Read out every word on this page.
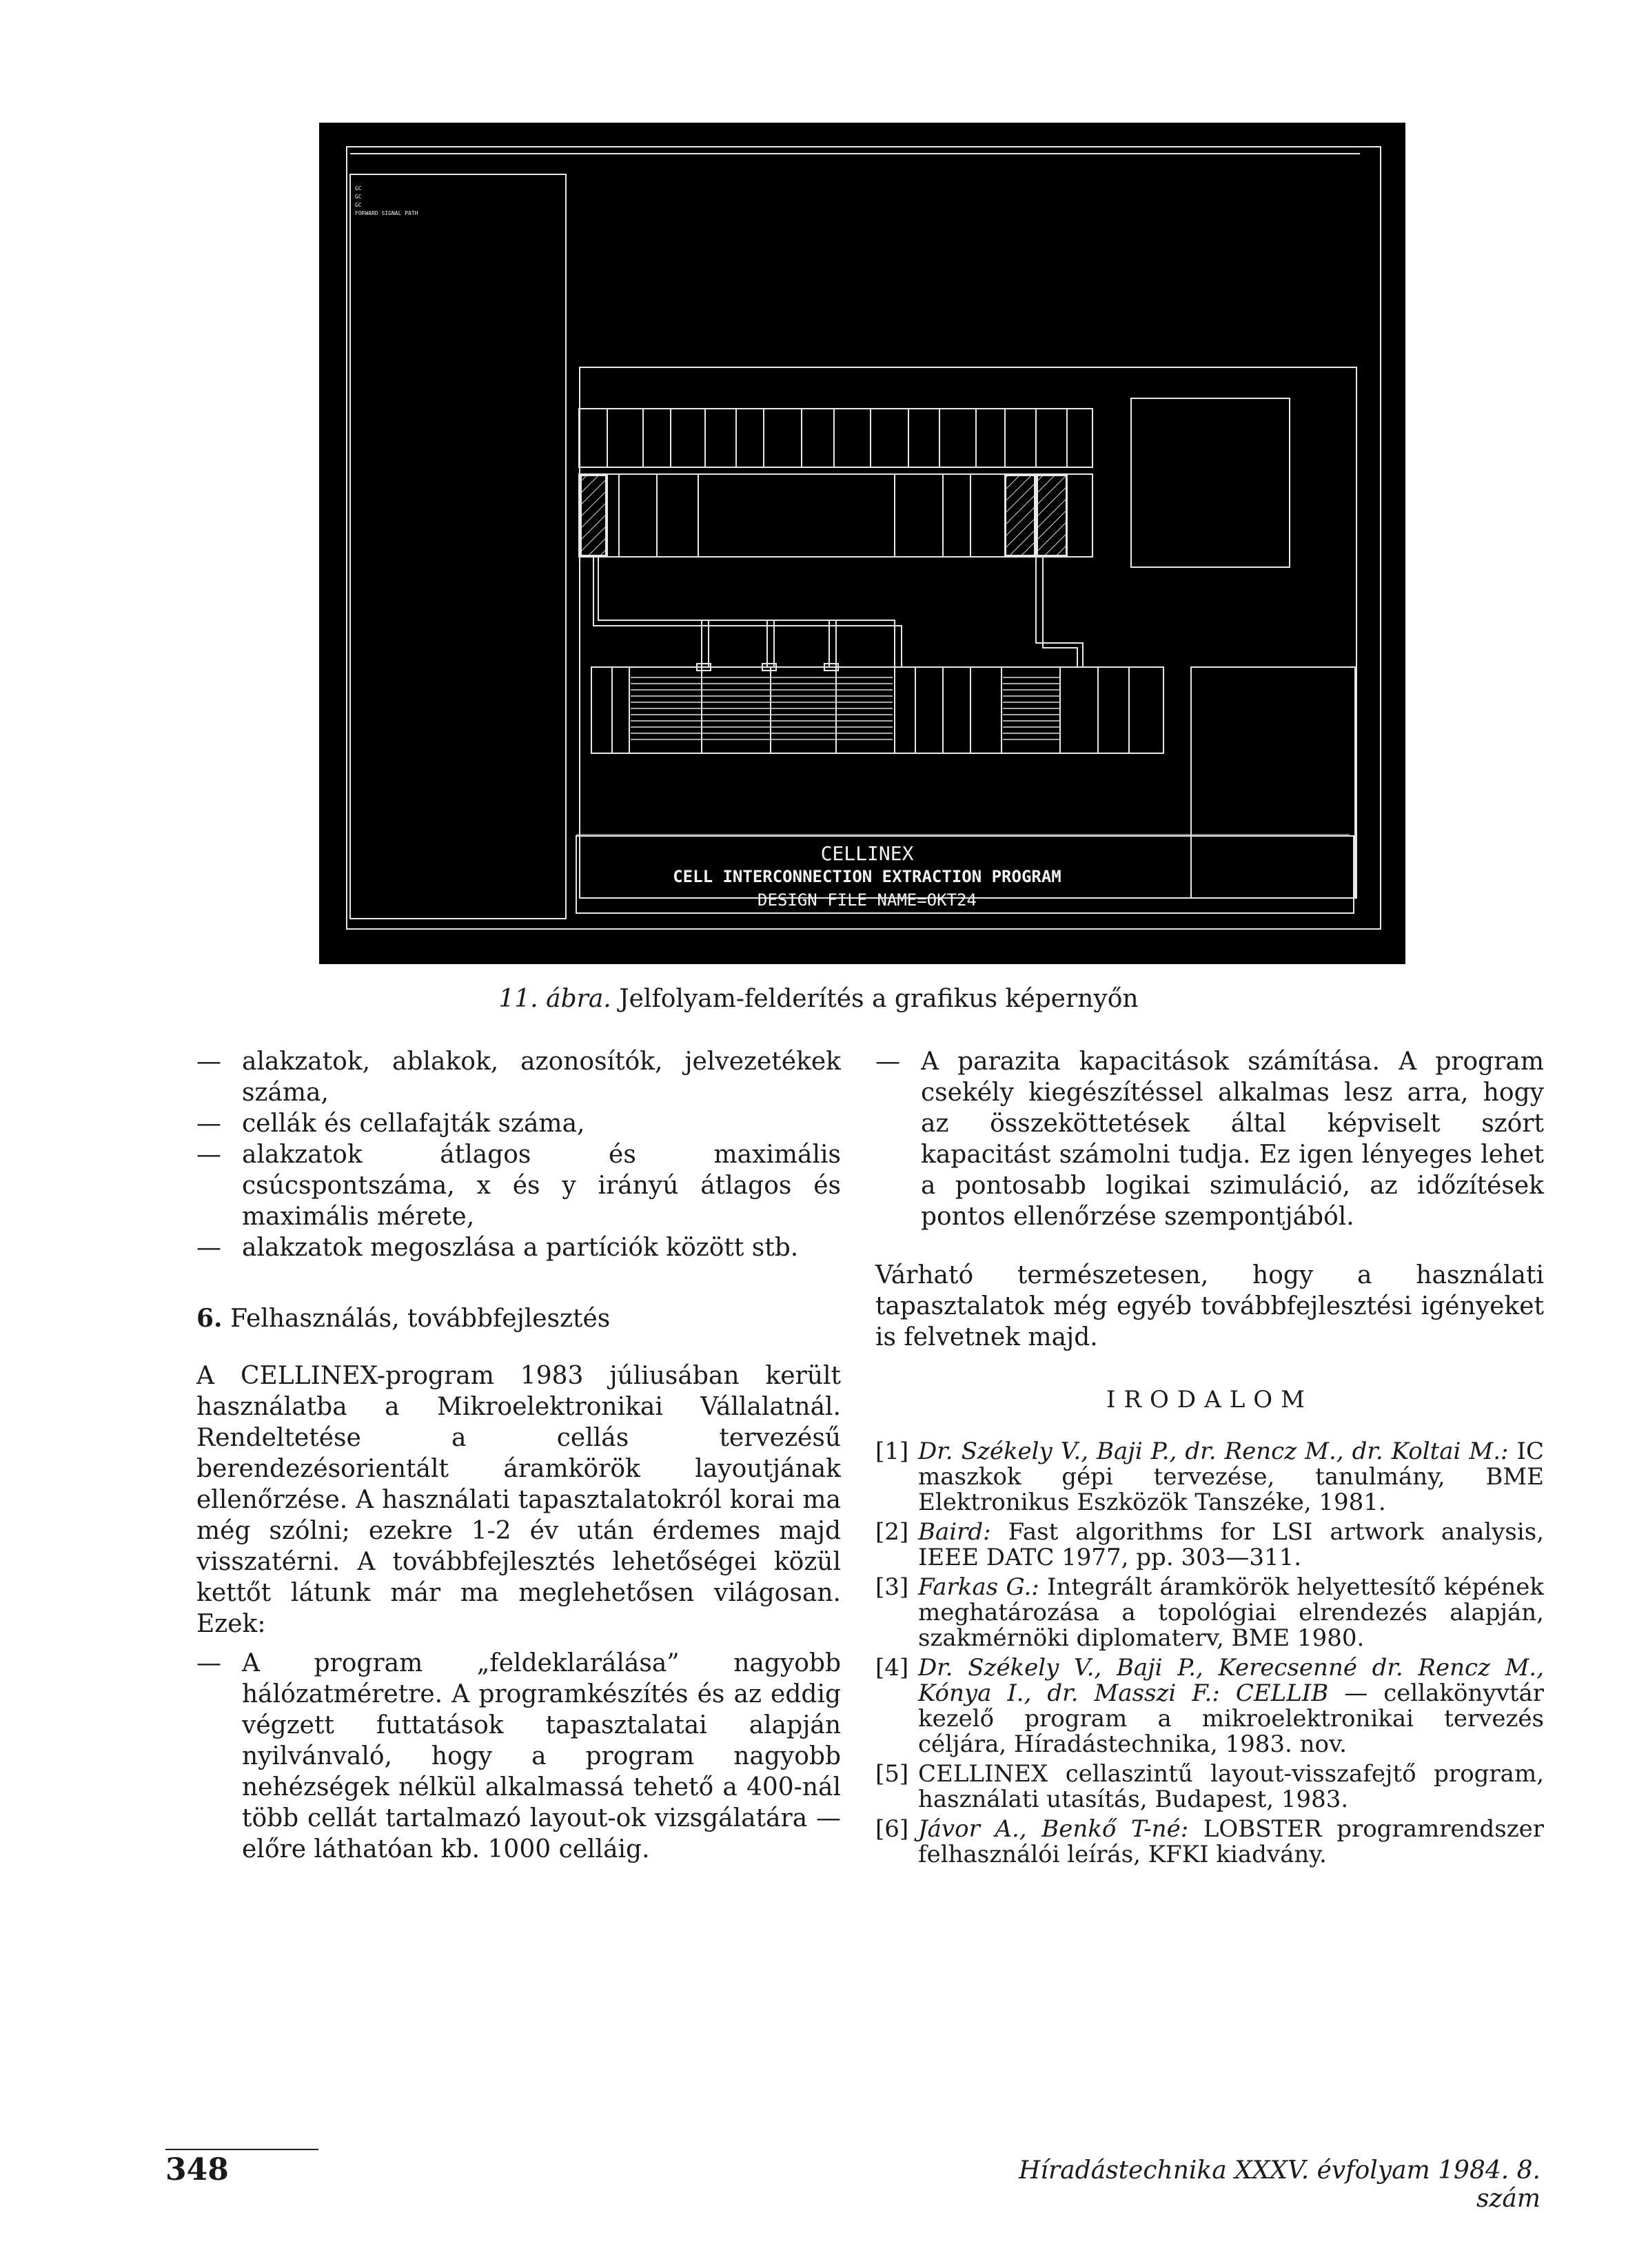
GC
GC
GC
FORWARD SIGNAL PATH
CELLINEX
CELL INTERCONNECTION EXTRACTION PROGRAM
DESIGN FILE NAME=OKT24
11. ábra. Jelfolyam-felderítés a grafikus képernyőn
— alakzatok, ablakok, azonosítók, jelvezetékek száma,
— cellák és cellafajták száma,
— alakzatok átlagos és maximális csúcspontszáma, x és y irányú átlagos és maximális mérete,
— alakzatok megoszlása a partíciók között stb.
6. Felhasználás, továbbfejlesztés

A CELLINEX-program 1983 júliusában került használatba a Mikroelektronikai Vállalatnál. Rendeltetése a cellás tervezésű berendezésorientált áramkörök layoutjának ellenőrzése. A használati tapasztalatokról korai ma még szólni; ezekre 1-2 év után érdemes majd visszatérni. A továbbfejlesztés lehetőségei közül kettőt látunk már ma meglehetősen világosan. Ezek:

— A program „feldeklarálása” nagyobb hálózatméretre. A programkészítés és az eddig végzett futtatások tapasztalatai alapján nyilvánvaló, hogy a program nagyobb nehézségek nélkül alkalmassá tehető a 400-nál több cellát tartalmazó layout-ok vizsgálatára — előre láthatóan kb. 1000 celláig.
— A parazita kapacitások számítása. A program csekély kiegészítéssel alkalmas lesz arra, hogy az összeköttetések által képviselt szórt kapacitást számolni tudja. Ez igen lényeges lehet a pontosabb logikai szimuláció, az időzítések pontos ellenőrzése szempontjából.

Várható természetesen, hogy a használati tapasztalatok még egyéb továbbfejlesztési igényeket is felvetnek majd.

IRODALOM
[1] Dr. Székely V., Baji P., dr. Rencz M., dr. Koltai M.: IC maszkok gépi tervezése, tanulmány, BME Elektronikus Eszközök Tanszéke, 1981.
[2] Baird: Fast algorithms for LSI artwork analysis, IEEE DATC 1977, pp. 303—311.
[3] Farkas G.: Integrált áramkörök helyettesítő képének meghatározása a topológiai elrendezés alapján, szakmérnöki diplomaterv, BME 1980.
[4] Dr. Székely V., Baji P., Kerecsenné dr. Rencz M., Kónya I., dr. Masszi F.: CELLIB — cellakönyvtár kezelő program a mikroelektronikai tervezés céljára, Híradástechnika, 1983. nov.
[5] CELLINEX cellaszintű layout-visszafejtő program, használati utasítás, Budapest, 1983.
[6] Jávor A., Benkő T-né: LOBSTER programrendszer felhasználói leírás, KFKI kiadvány.
348	Híradástechnika XXXV. évfolyam 1984. 8. szám
